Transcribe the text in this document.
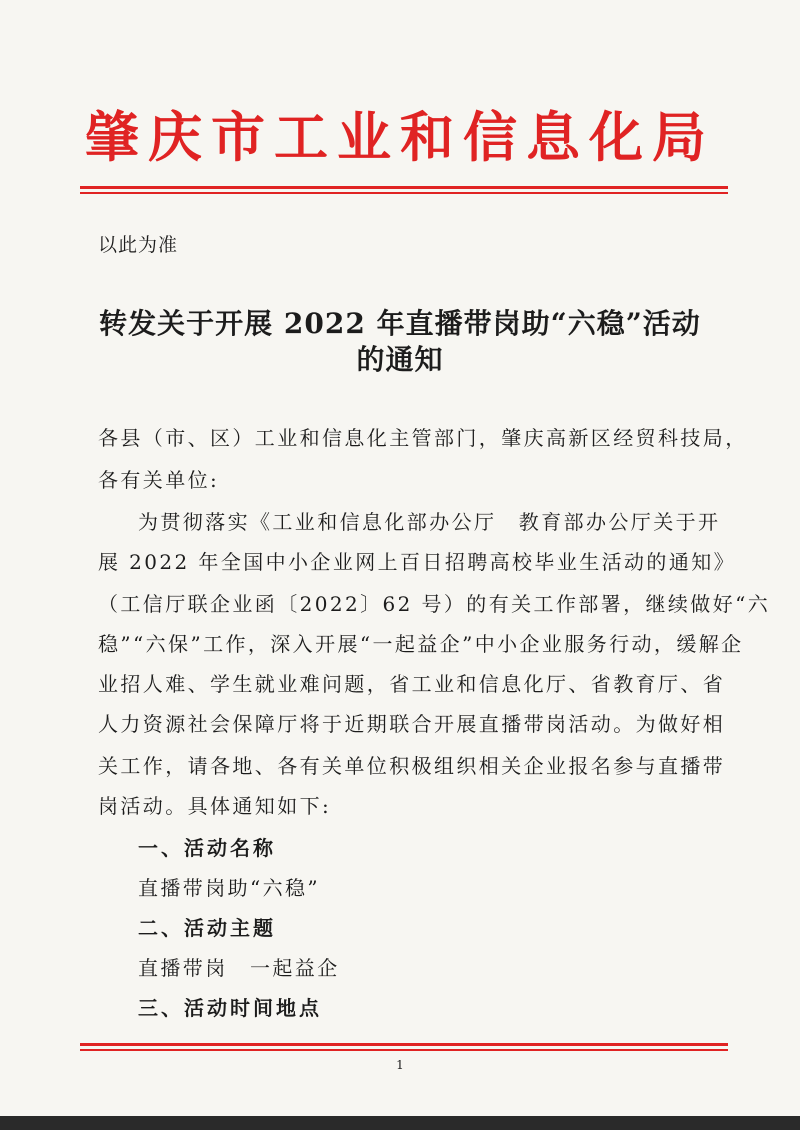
肇庆市工业和信息化局
以此为准
转发关于开展 2022 年直播带岗助“六稳”活动
的通知
各县（市、区）工业和信息化主管部门，肇庆高新区经贸科技局，
各有关单位:
为贯彻落实《工业和信息化部办公厅　教育部办公厅关于开
展 2022 年全国中小企业网上百日招聘高校毕业生活动的通知》
（工信厅联企业函〔2022〕62 号）的有关工作部署，继续做好“六
稳”“六保”工作，深入开展“一起益企”中小企业服务行动，缓解企
业招人难、学生就业难问题，省工业和信息化厅、省教育厅、省
人力资源社会保障厅将于近期联合开展直播带岗活动。为做好相
关工作，请各地、各有关单位积极组织相关企业报名参与直播带
岗活动。具体通知如下:
一、活动名称
直播带岗助“六稳”
二、活动主题
直播带岗　一起益企
三、活动时间地点
1
